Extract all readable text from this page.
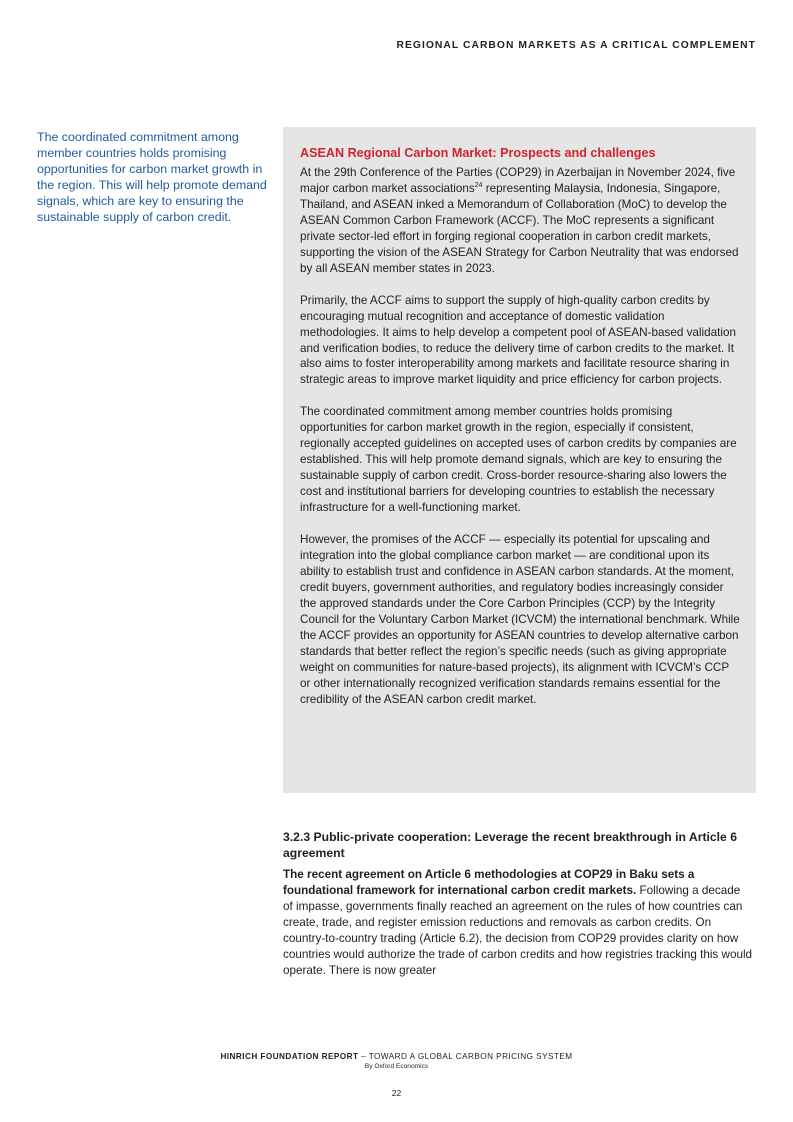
REGIONAL CARBON MARKETS AS A CRITICAL COMPLEMENT
The coordinated commitment among member countries holds promising opportunities for carbon market growth in the region. This will help promote demand signals, which are key to ensuring the sustainable supply of carbon credit.
ASEAN Regional Carbon Market: Prospects and challenges

At the 29th Conference of the Parties (COP29) in Azerbaijan in November 2024, five major carbon market associations$^{24}$ representing Malaysia, Indonesia, Singapore, Thailand, and ASEAN inked a Memorandum of Collaboration (MoC) to develop the ASEAN Common Carbon Framework (ACCF). The MoC represents a significant private sector-led effort in forging regional cooperation in carbon credit markets, supporting the vision of the ASEAN Strategy for Carbon Neutrality that was endorsed by all ASEAN member states in 2023.

Primarily, the ACCF aims to support the supply of high-quality carbon credits by encouraging mutual recognition and acceptance of domestic validation methodologies. It aims to help develop a competent pool of ASEAN-based validation and verification bodies, to reduce the delivery time of carbon credits to the market. It also aims to foster interoperability among markets and facilitate resource sharing in strategic areas to improve market liquidity and price efficiency for carbon projects.

The coordinated commitment among member countries holds promising opportunities for carbon market growth in the region, especially if consistent, regionally accepted guidelines on accepted uses of carbon credits by companies are established. This will help promote demand signals, which are key to ensuring the sustainable supply of carbon credit. Cross-border resource-sharing also lowers the cost and institutional barriers for developing countries to establish the necessary infrastructure for a well-functioning market.

However, the promises of the ACCF — especially its potential for upscaling and integration into the global compliance carbon market — are conditional upon its ability to establish trust and confidence in ASEAN carbon standards. At the moment, credit buyers, government authorities, and regulatory bodies increasingly consider the approved standards under the Core Carbon Principles (CCP) by the Integrity Council for the Voluntary Carbon Market (ICVCM) the international benchmark. While the ACCF provides an opportunity for ASEAN countries to develop alternative carbon standards that better reflect the region’s specific needs (such as giving appropriate weight on communities for nature-based projects), its alignment with ICVCM’s CCP or other internationally recognized verification standards remains essential for the credibility of the ASEAN carbon credit market.

3.2.3 Public-private cooperation: Leverage the recent breakthrough in Article 6 agreement

The recent agreement on Article 6 methodologies at COP29 in Baku sets a foundational framework for international carbon credit markets. Following a decade of impasse, governments finally reached an agreement on the rules of how countries can create, trade, and register emission reductions and removals as carbon credits. On country-to-country trading (Article 6.2), the decision from COP29 provides clarity on how countries would authorize the trade of carbon credits and how registries tracking this would operate. There is now greater

HINRICH FOUNDATION REPORT – TOWARD A GLOBAL CARBON PRICING SYSTEM
By Oxford Economics
22
